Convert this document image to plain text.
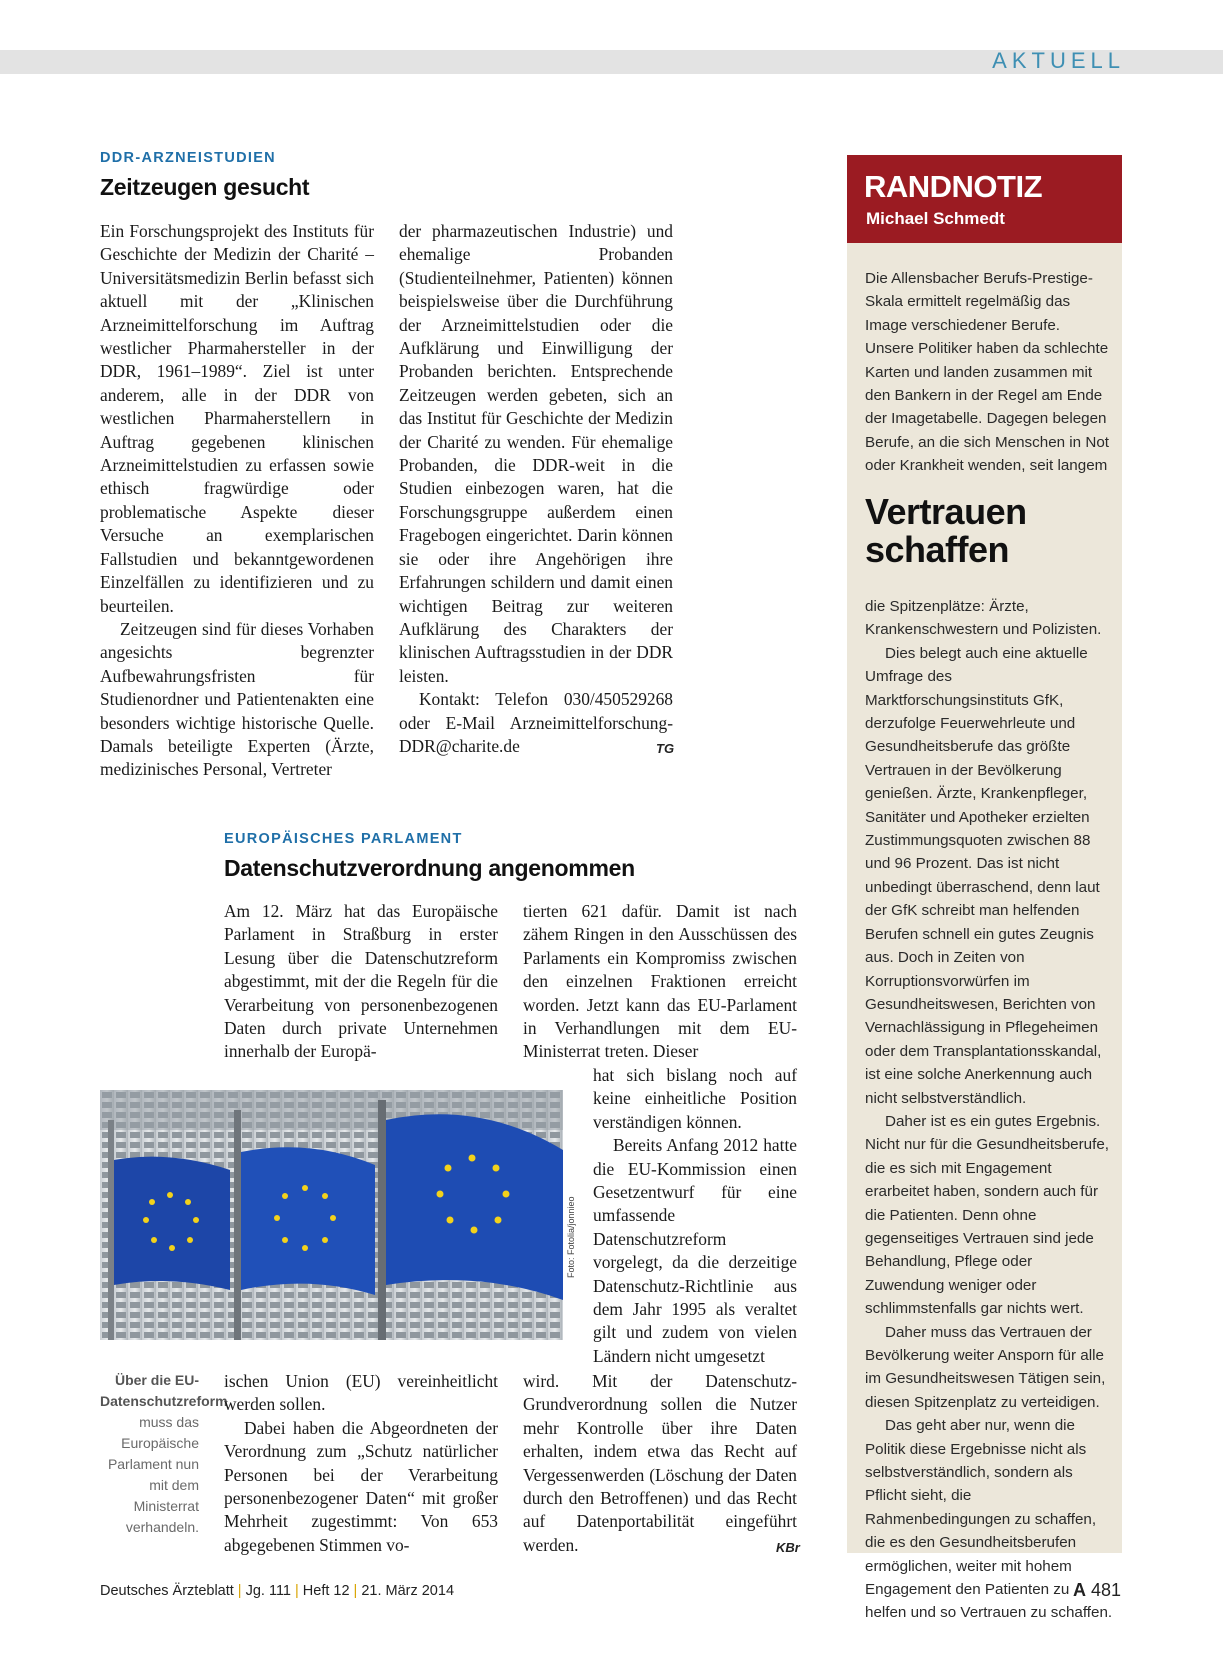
AKTUELL
DDR-ARZNEISTUDIEN
Zeitzeugen gesucht

Ein Forschungsprojekt des Instituts für Geschichte der Medizin der Charité – Universitätsmedizin Berlin befasst sich aktuell mit der „Klinischen Arzneimittelforschung im Auftrag westlicher Pharmahersteller in der DDR, 1961–1989“. Ziel ist unter anderem, alle in der DDR von westlichen Pharmaherstellern in Auftrag gegebenen klinischen Arzneimittelstudien zu erfassen sowie ethisch fragwürdige oder problematische Aspekte dieser Versuche an exemplarischen Fallstudien und bekanntgewordenen Einzelfällen zu identifizieren und zu beurteilen.

Zeitzeugen sind für dieses Vorhaben angesichts begrenzter Aufbewahrungsfristen für Studienordner und Patientenakten eine besonders wichtige historische Quelle. Damals beteiligte Experten (Ärzte, medizinisches Personal, Vertreter

der pharmazeutischen Industrie) und ehemalige Probanden (Studienteilnehmer, Patienten) können beispielsweise über die Durchführung der Arzneimittelstudien oder die Aufklärung und Einwilligung der Probanden berichten. Entsprechende Zeitzeugen werden gebeten, sich an das Institut für Geschichte der Medizin der Charité zu wenden. Für ehemalige Probanden, die DDR-weit in die Studien einbezogen waren, hat die Forschungsgruppe außerdem einen Fragebogen eingerichtet. Darin können sie oder ihre Angehörigen ihre Erfahrungen schildern und damit einen wichtigen Beitrag zur weiteren Aufklärung des Charakters der klinischen Auftragsstudien in der DDR leisten.

Kontakt: Telefon 030/450529268 oder E-Mail Arzneimittelforschung-DDR@charite.de	TG
EUROPÄISCHES PARLAMENT
Datenschutzverordnung angenommen

Am 12. März hat das Europäische Parlament in Straßburg in erster Lesung über die Datenschutzreform abgestimmt, mit der die Regeln für die Verarbeitung von personenbezogenen Daten durch private Unternehmen innerhalb der Europä-

tierten 621 dafür. Damit ist nach zähem Ringen in den Ausschüssen des Parlaments ein Kompromiss zwischen den einzelnen Fraktionen erreicht worden. Jetzt kann das EU-Parlament in Verhandlungen mit dem EU-Ministerrat treten. Dieser

hat sich bislang noch auf keine einheitliche Position verständigen können.

Bereits Anfang 2012 hatte die EU-Kommission einen Gesetzentwurf für eine umfassende Datenschutzreform vorgelegt, da die derzeitige Datenschutz-Richtlinie aus dem Jahr 1995 als veraltet gilt und zudem von vielen Ländern nicht umgesetzt

Foto: Fotolia/jonnieo
Über die EU-Datenschutzreform muss das Europäische Parlament nun mit dem Ministerrat verhandeln.

ischen Union (EU) vereinheitlicht werden sollen.

Dabei haben die Abgeordneten der Verordnung zum „Schutz natürlicher Personen bei der Verarbeitung personenbezogener Daten“ mit großer Mehrheit zugestimmt: Von 653 abgegebenen Stimmen vo-

wird. Mit der Datenschutz-Grundverordnung sollen die Nutzer mehr Kontrolle über ihre Daten erhalten, indem etwa das Recht auf Vergessenwerden (Löschung der Daten durch den Betroffenen) und das Recht auf Datenportabilität eingeführt werden.	KBr
RANDNOTIZ
Michael Schmedt

Die Allensbacher Berufs-Prestige-Skala ermittelt regelmäßig das Image verschiedener Berufe. Unsere Politiker haben da schlechte Karten und landen zusammen mit den Bankern in der Regel am Ende der Imagetabelle. Dagegen belegen Berufe, an die sich Menschen in Not oder Krankheit wenden, seit langem

Vertrauen schaffen

die Spitzenplätze: Ärzte, Krankenschwestern und Polizisten.

Dies belegt auch eine aktuelle Umfrage des Marktforschungsinstituts GfK, derzufolge Feuerwehrleute und Gesundheitsberufe das größte Vertrauen in der Bevölkerung genießen. Ärzte, Krankenpfleger, Sanitäter und Apotheker erzielten Zustimmungsquoten zwischen 88 und 96 Prozent. Das ist nicht unbedingt überraschend, denn laut der GfK schreibt man helfenden Berufen schnell ein gutes Zeugnis aus. Doch in Zeiten von Korruptionsvorwürfen im Gesundheitswesen, Berichten von Vernachlässigung in Pflegeheimen oder dem Transplantationsskandal, ist eine solche Anerkennung auch nicht selbstverständlich.

Daher ist es ein gutes Ergebnis. Nicht nur für die Gesundheitsberufe, die es sich mit Engagement erarbeitet haben, sondern auch für die Patienten. Denn ohne gegenseitiges Vertrauen sind jede Behandlung, Pflege oder Zuwendung weniger oder schlimmstenfalls gar nichts wert.

Daher muss das Vertrauen der Bevölkerung weiter Ansporn für alle im Gesundheitswesen Tätigen sein, diesen Spitzenplatz zu verteidigen.

Das geht aber nur, wenn die Politik diese Ergebnisse nicht als selbstverständlich, sondern als Pflicht sieht, die Rahmenbedingungen zu schaffen, die es den Gesundheitsberufen ermöglichen, weiter mit hohem Engagement den Patienten zu helfen und so Vertrauen zu schaffen.

Deutsches Ärzteblatt | Jg. 111 | Heft 12 | 21. März 2014	A 481
